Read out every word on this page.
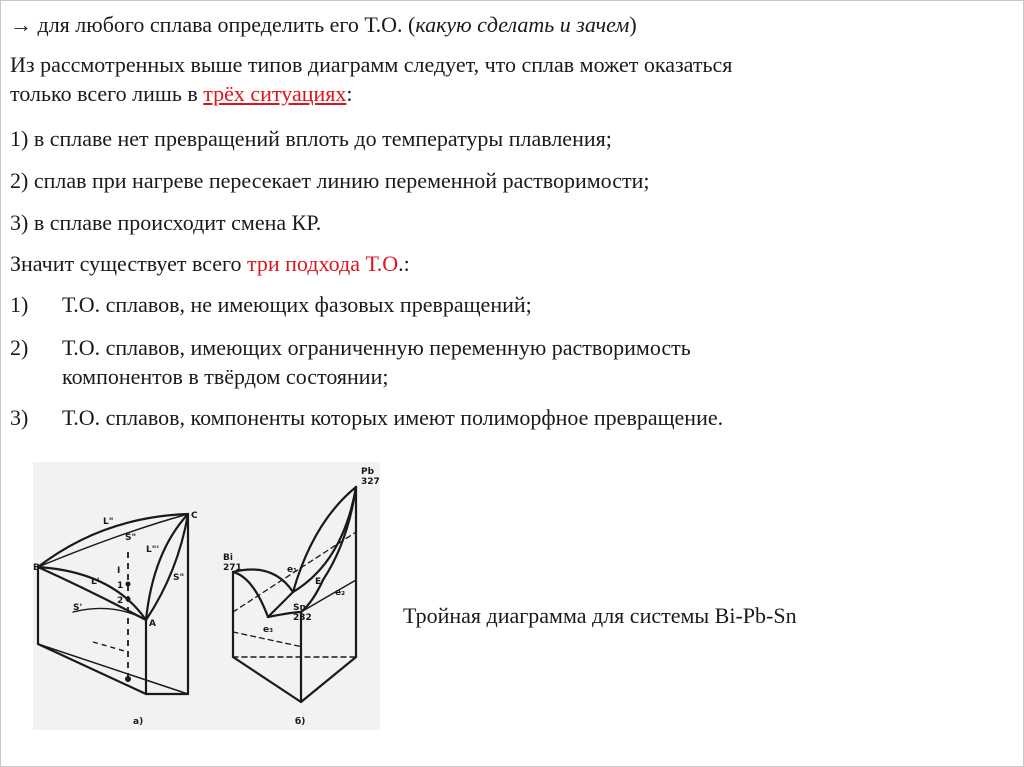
→ для любого сплава определить его Т.О. (какую сделать и зачем)
Из рассмотренных выше типов диаграмм следует, что сплав может оказаться
только всего лишь в трёх ситуациях:
1) в сплаве нет превращений вплоть до температуры плавления;
2) сплав при нагреве пересекает линию переменной растворимости;
3) в сплаве происходит смена КР.
Значит существует всего три подхода Т.О.:
1) Т.О. сплавов, не имеющих фазовых превращений;
2) Т.О. сплавов, имеющих ограниченную переменную растворимость
компонентов в твёрдом состоянии;
3) Т.О. сплавов, компоненты которых имеют полиморфное превращение.
B
C
A
L"
S"
L"'
S"
L'
S'
I
1
2
а)
Pb
327
Bi
271
Sn
232
E
e₁
e₂
e₃
б)
Тройная диаграмма для системы Bi-Pb-Sn
